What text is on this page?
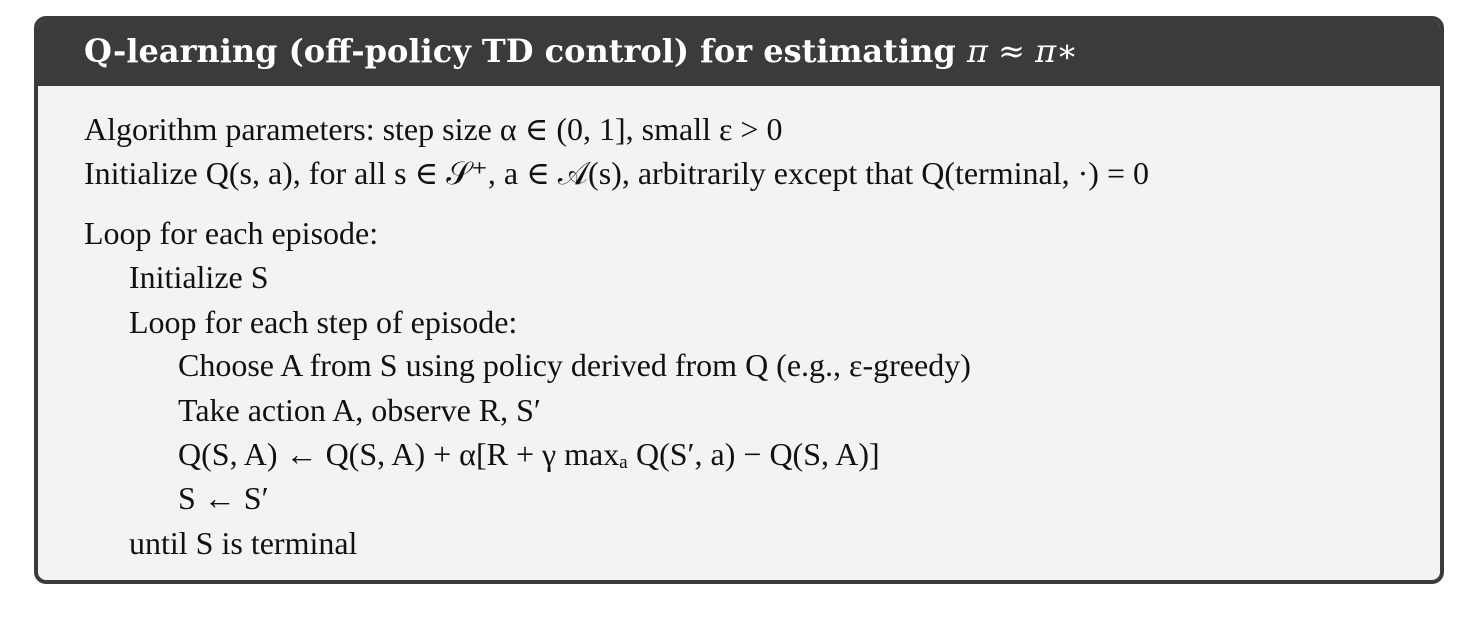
Q-learning (off-policy TD control) for estimating π ≈ π∗
Algorithm parameters: step size α ∈ (0, 1], small ε > 0
Initialize Q(s, a), for all s ∈ 𝒮⁺, a ∈ 𝒜(s), arbitrarily except that Q(terminal, ·) = 0
Loop for each episode:
Initialize S
Loop for each step of episode:
Choose A from S using policy derived from Q (e.g., ε-greedy)
Take action A, observe R, S′
Q(S, A) ← Q(S, A) + α[R + γ maxₐ Q(S′, a) − Q(S, A)]
S ← S′
until S is terminal
